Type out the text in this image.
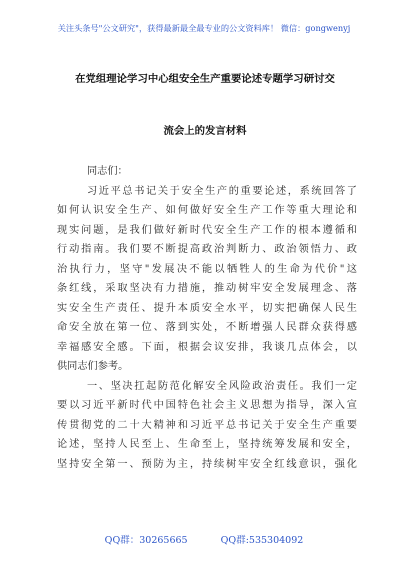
关注头条号"公文研究"，获得最新最全最专业的公文资料库！ 微信：gongwenyj
在党组理论学习中心组安全生产重要论述专题学习研讨交
流会上的发言材料
同志们：
习近平总书记关于安全生产的重要论述，系统回答了
如何认识安全生产、如何做好安全生产工作等重大理论和
现实问题，是我们做好新时代安全生产工作的根本遵循和
行动指南。我们要不断提高政治判断力、政治领悟力、政
治执行力，坚守"发展决不能以牺牲人的生命为代价"这
条红线，采取坚决有力措施，推动树牢安全发展理念、落
实安全生产责任、提升本质安全水平，切实把确保人民生
命安全放在第一位、落到实处，不断增强人民群众获得感
幸福感安全感。下面，根据会议安排，我谈几点体会，以
供同志们参考。
一、坚决扛起防范化解安全风险政治责任。我们一定
要以习近平新时代中国特色社会主义思想为指导，深入宣
传贯彻党的二十大精神和习近平总书记关于安全生产重要
论述，坚持人民至上、生命至上，坚持统筹发展和安全，
坚持安全第一、预防为主，持续树牢安全红线意识，强化
QQ群：30265665	QQ群:535304092
